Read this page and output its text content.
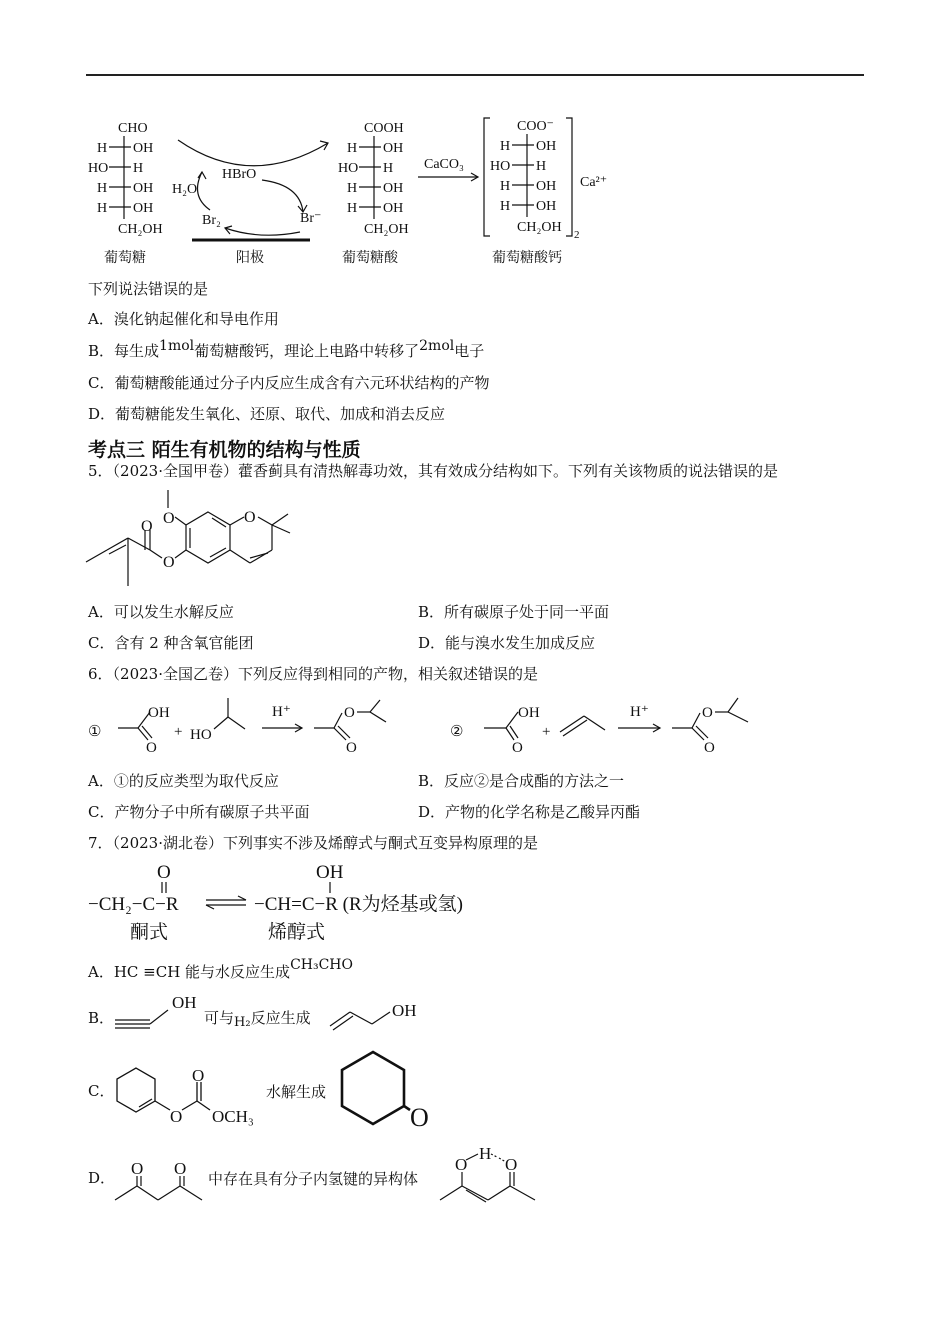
CHO
H OH
HO H
H OH
H OH
CH₂OH
葡萄糖
HBrO
H₂O
Br₂	Br⁻
阳极
COOH
H OH
HO H
H OH
H OH
CH₂OH
葡萄糖酸
CaCO₃
COO⁻
H OH
HO H
H OH
H OH
CH₂OH 2
Ca²⁺
葡萄糖酸钙
下列说法错误的是
A．溴化钠起催化和导电作用
B．每生成1mol葡萄糖酸钙，理论上电路中转移了2mol电子
C．葡萄糖酸能通过分子内反应生成含有六元环状结构的产物
D．葡萄糖能发生氧化、还原、取代、加成和消去反应
考点三 陌生有机物的结构与性质
5．（2023·全国甲卷）藿香蓟具有清热解毒功效，其有效成分结构如下。下列有关该物质的说法错误的是
O	O
O
O
A．可以发生水解反应	B．所有碳原子处于同一平面
C．含有 2 种含氧官能团	D．能与溴水发生加成反应
6．（2023·全国乙卷）下列反应得到相同的产物，相关叙述错误的是
①
OH
O
+ HO
H⁺	O
O
②
OH
O
+
H⁺	O
O
A．①的反应类型为取代反应	B．反应②是合成酯的方法之一
C．产物分子中所有碳原子共平面	D．产物的化学名称是乙酸异丙酯
7．（2023·湖北卷）下列事实不涉及烯醇式与酮式互变异构原理的是
O
−CH₂−C−R
OH
−CH=C−R (R为烃基或氢)
酮式	烯醇式
A．HC ≡CH 能与水反应生成CH₃CHO
B．
OH	OH
可与H₂反应生成
C．
O
O
OCH₃	O
水解生成
D． O O	O
H
O
中存在具有分子内氢键的异构体
